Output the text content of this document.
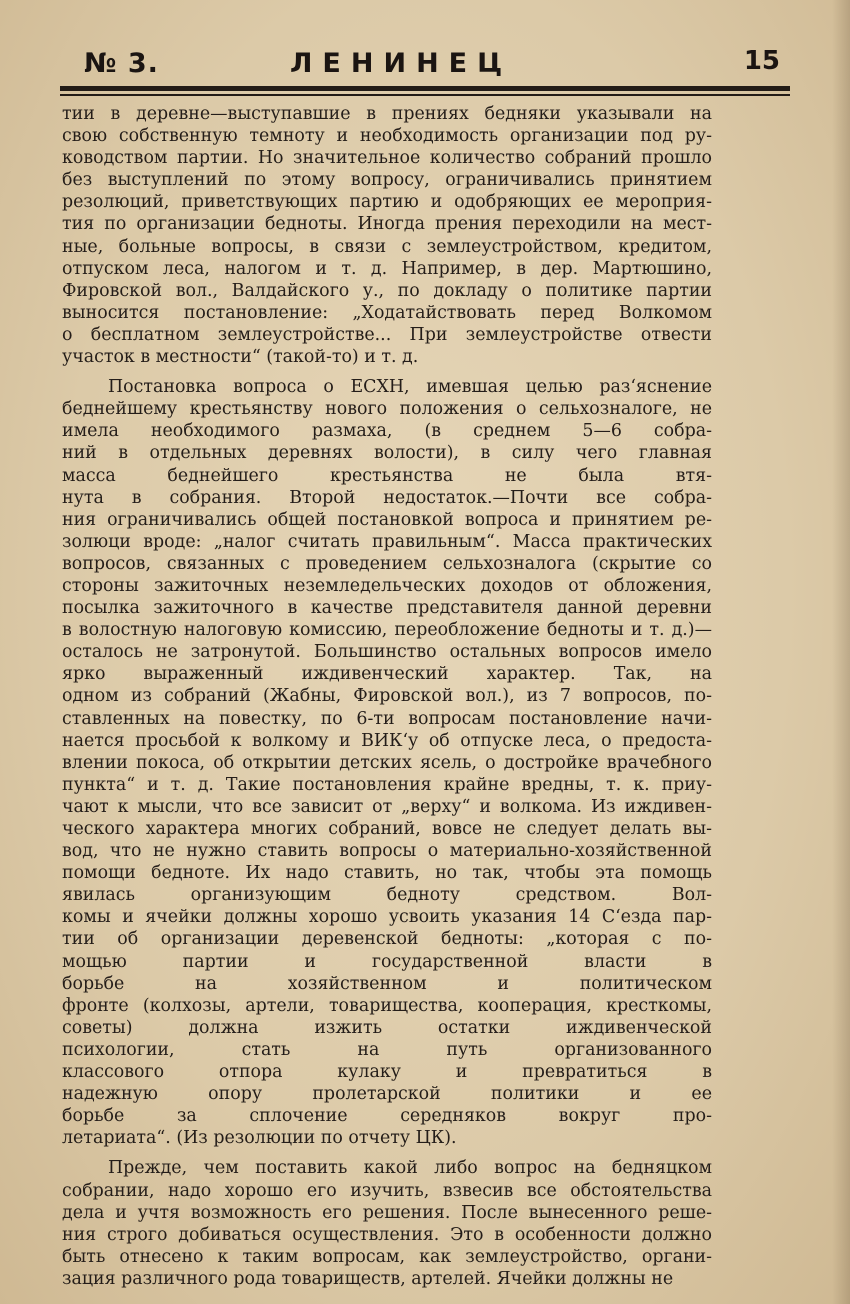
№ 3.	ЛЕНИНЕЦ	15
тии в деревне—выступавшие в прениях бедняки указывали на
свою собственную темноту и необходимость организации под ру-
ководством партии. Но значительное количество собраний прошло
без выступлений по этому вопросу, ограничивались принятием
резолюций, приветствующих партию и одобряющих ее мероприя-
тия по организации бедноты. Иногда прения переходили на мест-
ные, больные вопросы, в связи с землеустройством, кредитом,
отпуском леса, налогом и т. д. Например, в дер. Мартюшино,
Фировской вол., Валдайского у., по докладу о политике партии
выносится постановление: „Ходатайствовать перед Волкомом
о бесплатном землеустройстве... При землеустройстве отвести
участок в местности“ (такой-то) и т. д.
Постановка вопроса о ЕСХН, имевшая целью раз‘яснение
беднейшему крестьянству нового положения о сельхозналоге, не
имела необходимого размаха, (в среднем 5—6 собра-
ний в отдельных деревнях волости), в силу чего главная
масса беднейшего крестьянства не была втя-
нута в собрания. Второй недостаток.—Почти все собра-
ния ограничивались общей постановкой вопроса и принятием ре-
золюци вроде: „налог считать правильным“. Масса практических
вопросов, связанных с проведением сельхозналога (скрытие со
стороны зажиточных неземледельческих доходов от обложения,
посылка зажиточного в качестве представителя данной деревни
в волостную налоговую комиссию, переобложение бедноты и т. д.)—
осталось не затронутой. Большинство остальных вопросов имело
ярко выраженный иждивенческий характер. Так, на
одном из собраний (Жабны, Фировской вол.), из 7 вопросов, по-
ставленных на повестку, по 6-ти вопросам постановление начи-
нается просьбой к волкому и ВИК‘у об отпуске леса, о предоста-
влении покоса, об открытии детских ясель, о достройке врачебного
пункта“ и т. д. Такие постановления крайне вредны, т. к. приу-
чают к мысли, что все зависит от „верху“ и волкома. Из иждивен-
ческого характера многих собраний, вовсе не следует делать вы-
вод, что не нужно ставить вопросы о материально-хозяйственной
помощи бедноте. Их надо ставить, но так, чтобы эта помощь
явилась организующим бедноту средством. Вол-
комы и ячейки должны хорошо усвоить указания 14 С‘езда пар-
тии об организации деревенской бедноты: „которая с по-
мощью партии и государственной власти в
борьбе на хозяйственном и политическом
фронте (колхозы, артели, товарищества, кооперация, кресткомы,
советы) должна изжить остатки иждивенческой
психологии, стать на путь организованного
классового отпора кулаку и превратиться в
надежную опору пролетарской политики и ее
борьбе за сплочение середняков вокруг про-
летариата“. (Из резолюции по отчету ЦК).
Прежде, чем поставить какой либо вопрос на бедняцком
собрании, надо хорошо его изучить, взвесив все обстоятельства
дела и учтя возможность его решения. После вынесенного реше-
ния строго добиваться осуществления. Это в особенности должно
быть отнесено к таким вопросам, как землеустройство, органи-
зация различного рода товариществ, артелей. Ячейки должны не
